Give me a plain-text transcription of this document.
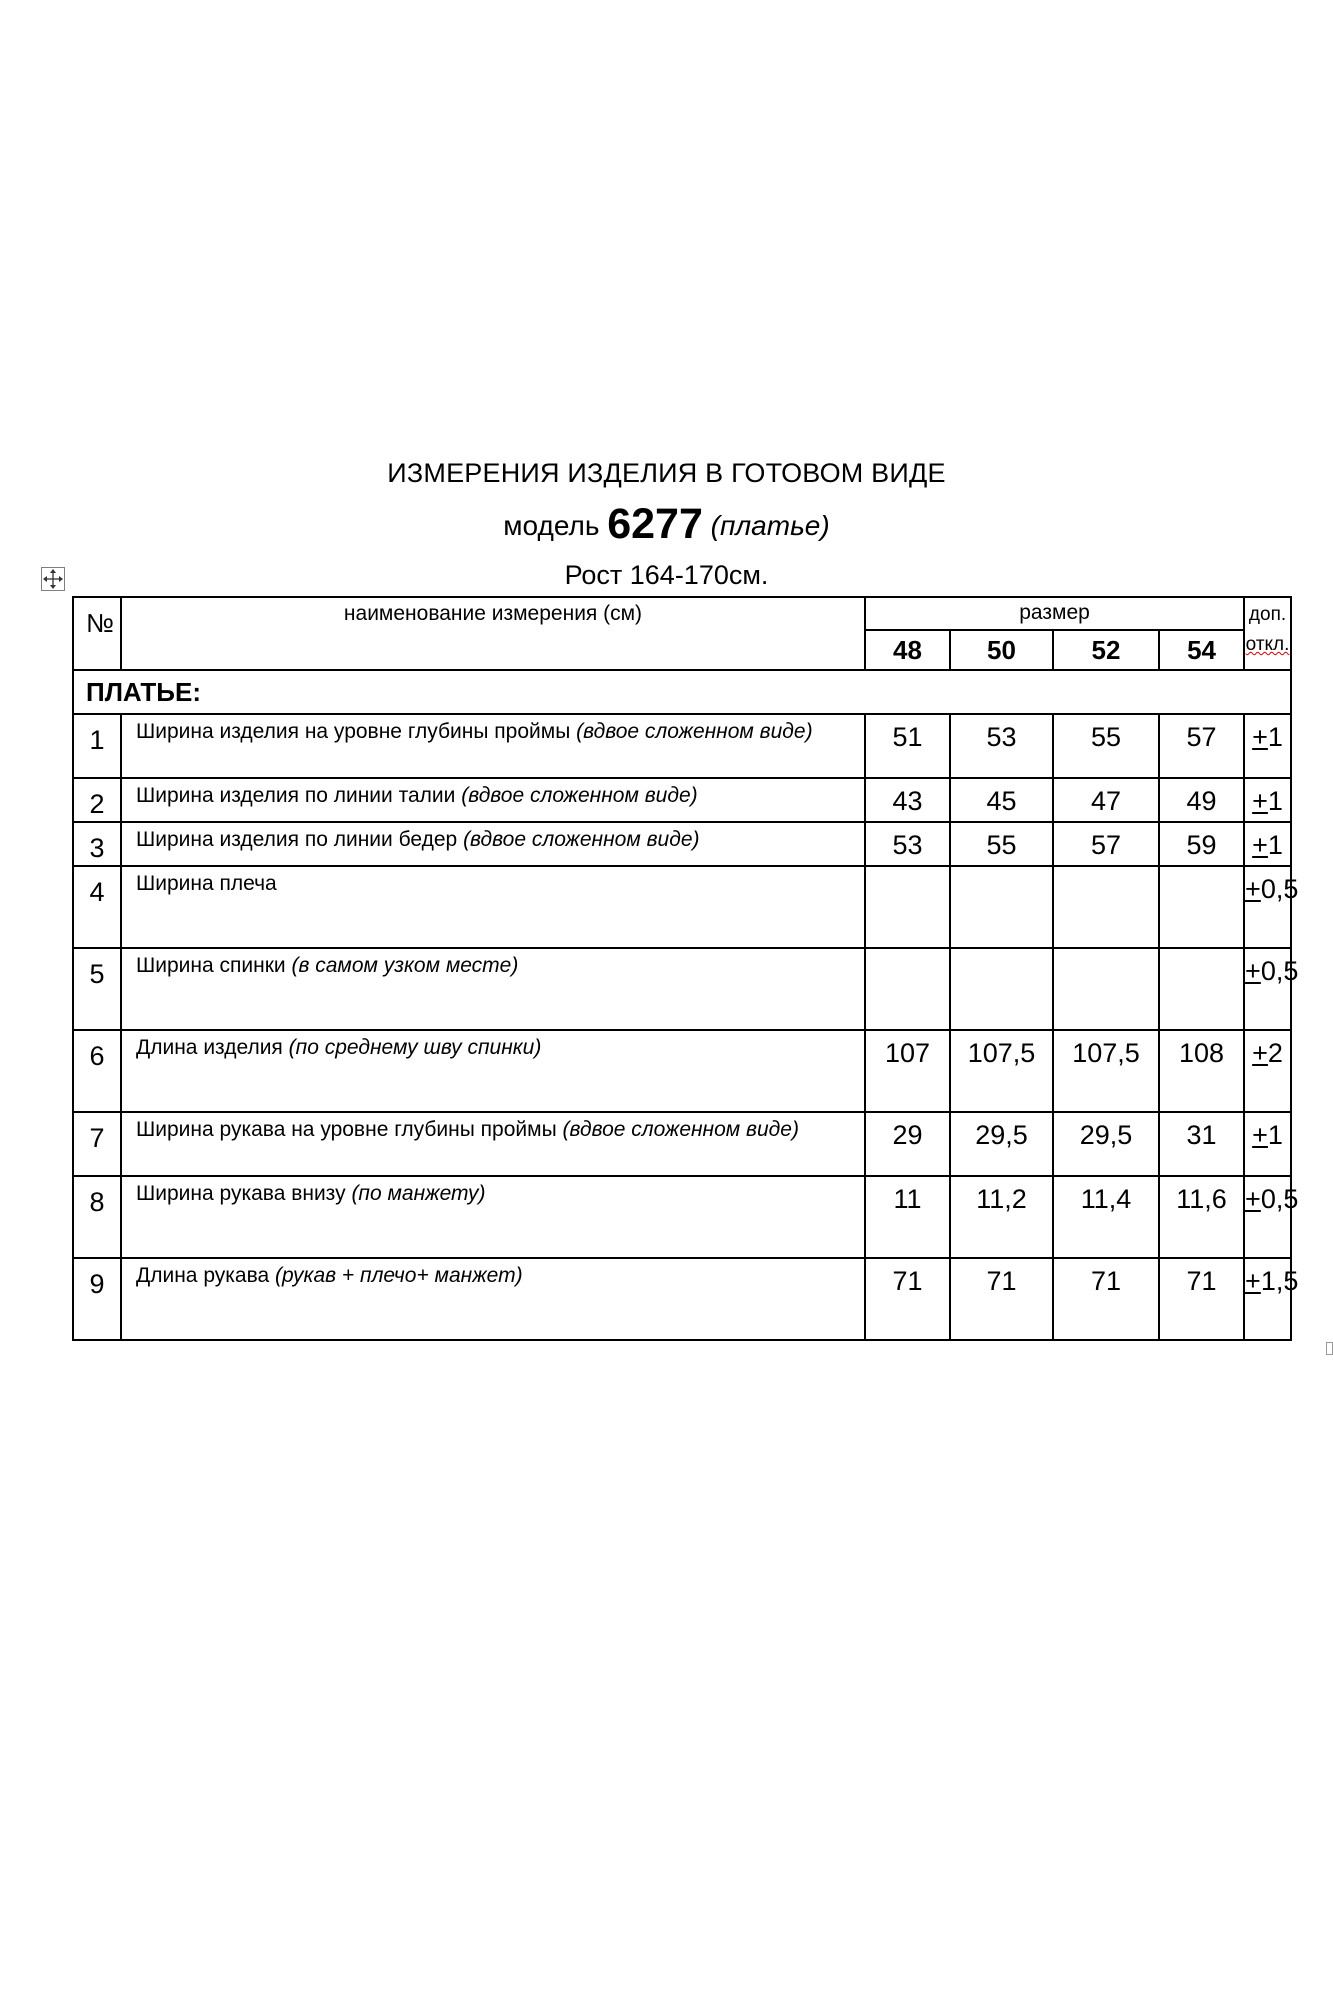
ИЗМЕРЕНИЯ ИЗДЕЛИЯ В ГОТОВОМ ВИДЕ
модель 6277 (платье)
Рост 164-170см.
№	наименование измерения (см)	размер				доп.
откл.
		48	50	52	54	
ПЛАТЬЕ:						
1	Ширина изделия на уровне глубины проймы (вдвое сложенном виде)	51	53	55	57	+1
2	Ширина изделия по линии талии (вдвое сложенном виде)	43	45	47	49	+1
3	Ширина изделия по линии бедер (вдвое сложенном виде)	53	55	57	59	+1
4	Ширина плеча					+0,5
5	Ширина спинки (в самом узком месте)					+0,5
6	Длина изделия (по среднему шву спинки)	107	107,5	107,5	108	+2
7	Ширина рукава на уровне глубины проймы (вдвое сложенном виде)	29	29,5	29,5	31	+1
8	Ширина рукава внизу (по манжету)	11	11,2	11,4	11,6	+0,5
9	Длина рукава (рукав + плечо+ манжет)	71	71	71	71	+1,5
